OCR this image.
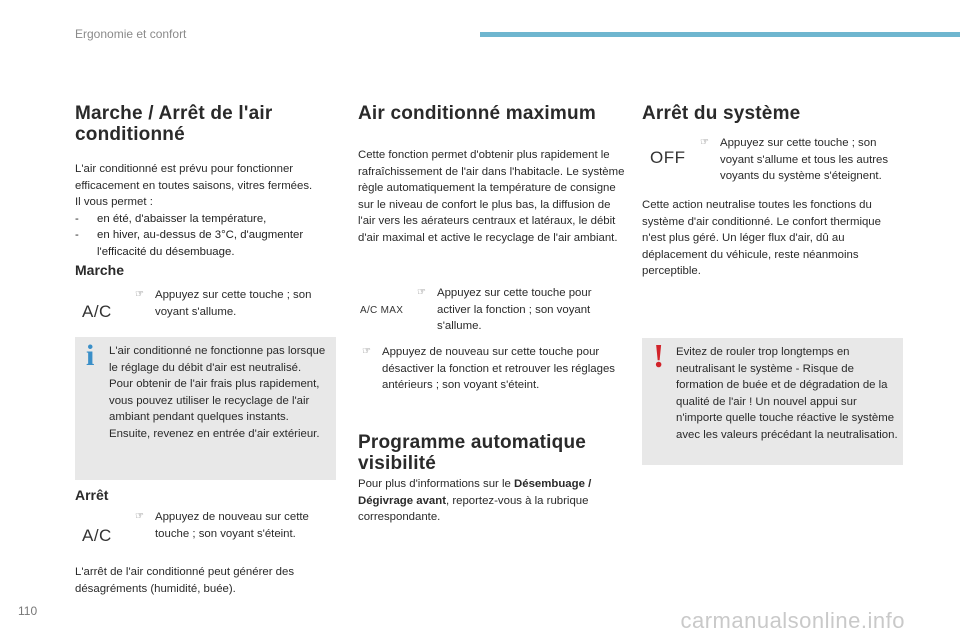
Ergonomie et confort
Marche / Arrêt de l'air conditionné

L'air conditionné est prévu pour fonctionner

efficacement en toutes saisons, vitres fermées.

Il vous permet :

- en été, d'abaisser la température,
- en hiver, au-dessus de 3°C, d'augmenter l'efficacité du désembuage.
Marche
A/C
☞ Appuyez sur cette touche ; son voyant s'allume.
i L'air conditionné ne fonctionne pas lorsque le réglage du débit d'air est neutralisé. Pour obtenir de l'air frais plus rapidement, vous pouvez utiliser le recyclage de l'air ambiant pendant quelques instants. Ensuite, revenez en entrée d'air extérieur.

Arrêt
A/C
☞ Appuyez de nouveau sur cette touche ; son voyant s'éteint.

L'arrêt de l'air conditionné peut générer des désagréments (humidité, buée).

Air conditionné maximum

Cette fonction permet d'obtenir plus rapidement le rafraîchissement de l'air dans l'habitacle. Le système règle automatiquement la température de consigne sur le niveau de confort le plus bas, la diffusion de l'air vers les aérateurs centraux et latéraux, le débit d'air maximal et active le recyclage de l'air ambiant.

A/C MAX
☞ Appuyez sur cette touche pour activer la fonction ; son voyant s'allume.
☞ Appuyez de nouveau sur cette touche pour désactiver la fonction et retrouver les réglages antérieurs ; son voyant s'éteint.
Programme automatique visibilité

Pour plus d'informations sur le Désembuage / Dégivrage avant, reportez-vous à la rubrique correspondante.

Arrêt du système
OFF
☞ Appuyez sur cette touche ; son voyant s'allume et tous les autres voyants du système s'éteignent.

Cette action neutralise toutes les fonctions du système d'air conditionné. Le confort thermique n'est plus géré. Un léger flux d'air, dû au déplacement du véhicule, reste néanmoins perceptible.

! Evitez de rouler trop longtemps en neutralisant le système - Risque de formation de buée et de dégradation de la qualité de l'air ! Un nouvel appui sur n'importe quelle touche réactive le système avec les valeurs précédant la neutralisation.

110	carmanualsonline.info
